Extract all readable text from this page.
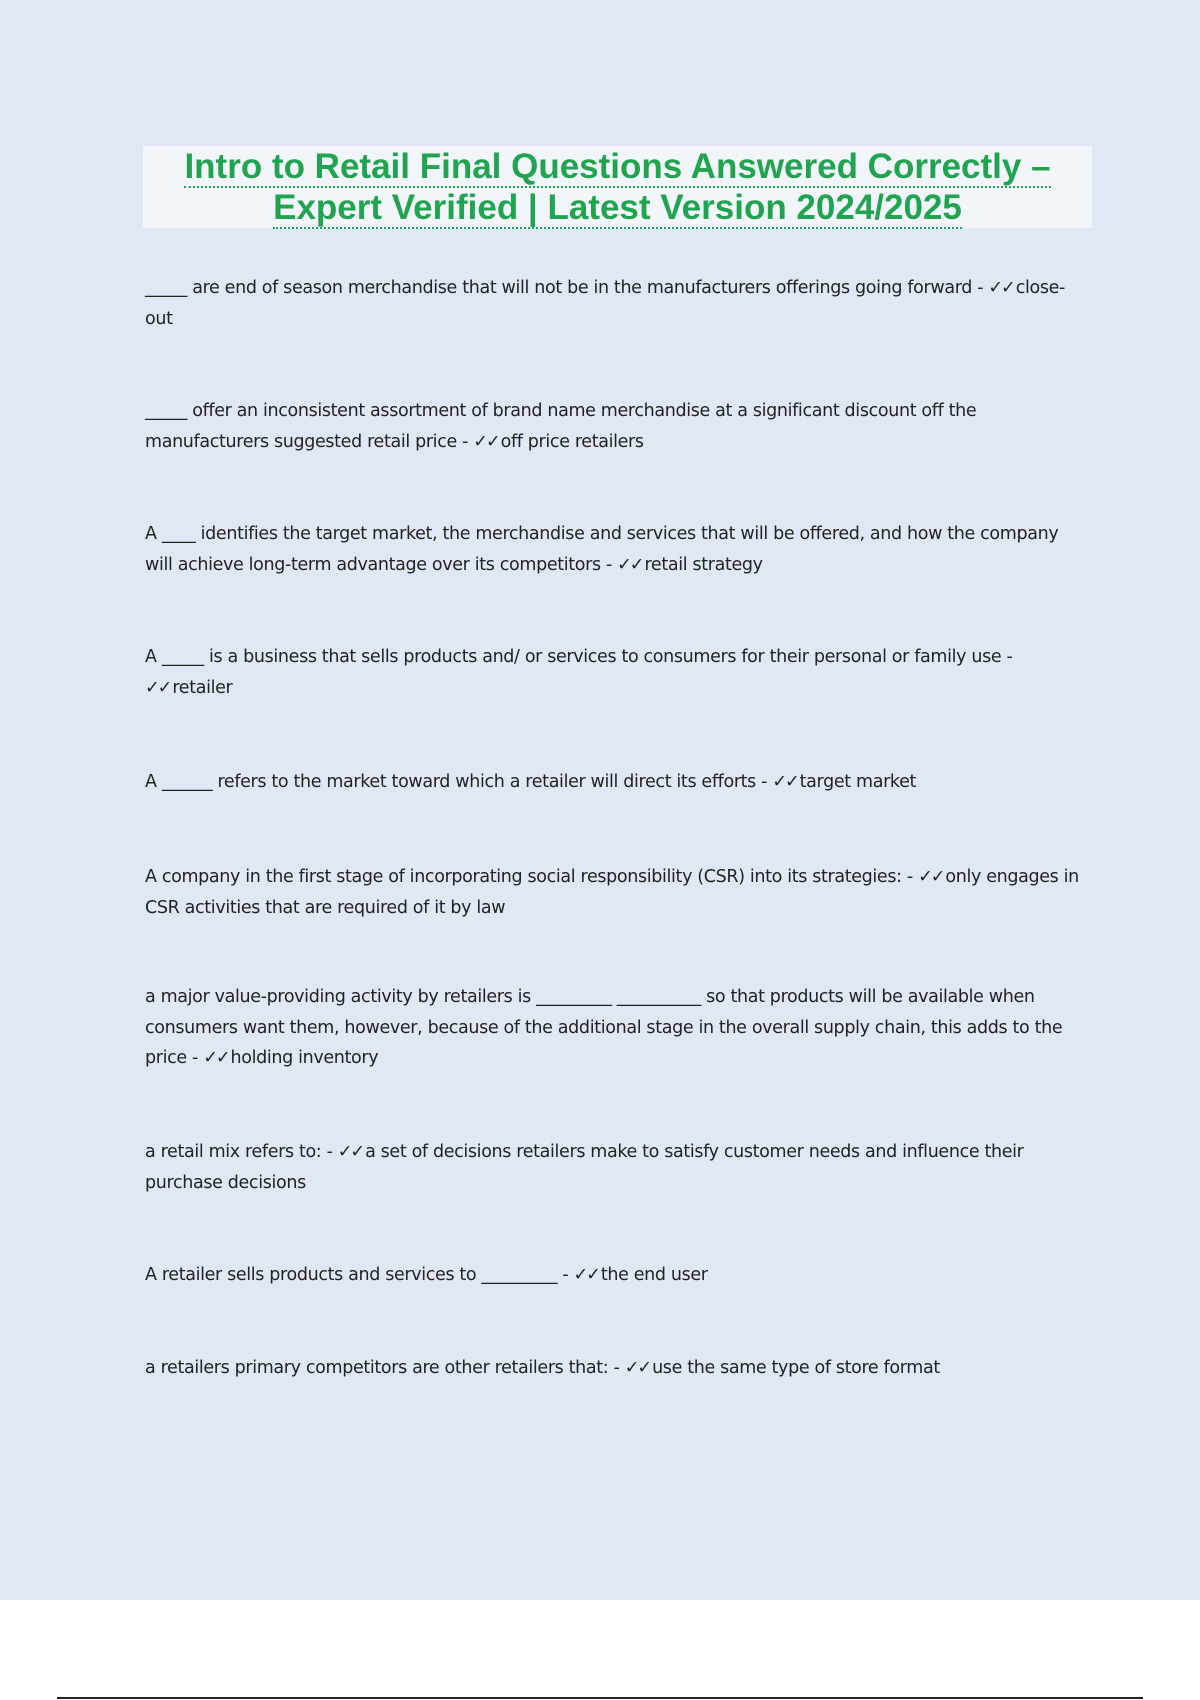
Intro to Retail Final Questions Answered Correctly –
Expert Verified | Latest Version 2024/2025

_____ are end of season merchandise that will not be in the manufacturers offerings going forward - ✓✓ close-out

_____ offer an inconsistent assortment of brand name merchandise at a significant discount off the manufacturers suggested retail price - ✓✓ off price retailers

A ____ identifies the target market, the merchandise and services that will be offered, and how the company will achieve long-term advantage over its competitors - ✓✓ retail strategy

A _____ is a business that sells products and/ or services to consumers for their personal or family use - ✓✓ retailer

A ______ refers to the market toward which a retailer will direct its efforts - ✓✓ target market

A company in the first stage of incorporating social responsibility (CSR) into its strategies: - ✓✓ only engages in CSR activities that are required of it by law

a major value-providing activity by retailers is _________ __________ so that products will be available when consumers want them, however, because of the additional stage in the overall supply chain, this adds to the price - ✓✓ holding inventory

a retail mix refers to: - ✓✓ a set of decisions retailers make to satisfy customer needs and influence their purchase decisions

A retailer sells products and services to _________ - ✓✓ the end user

a retailers primary competitors are other retailers that: - ✓✓ use the same type of store format
